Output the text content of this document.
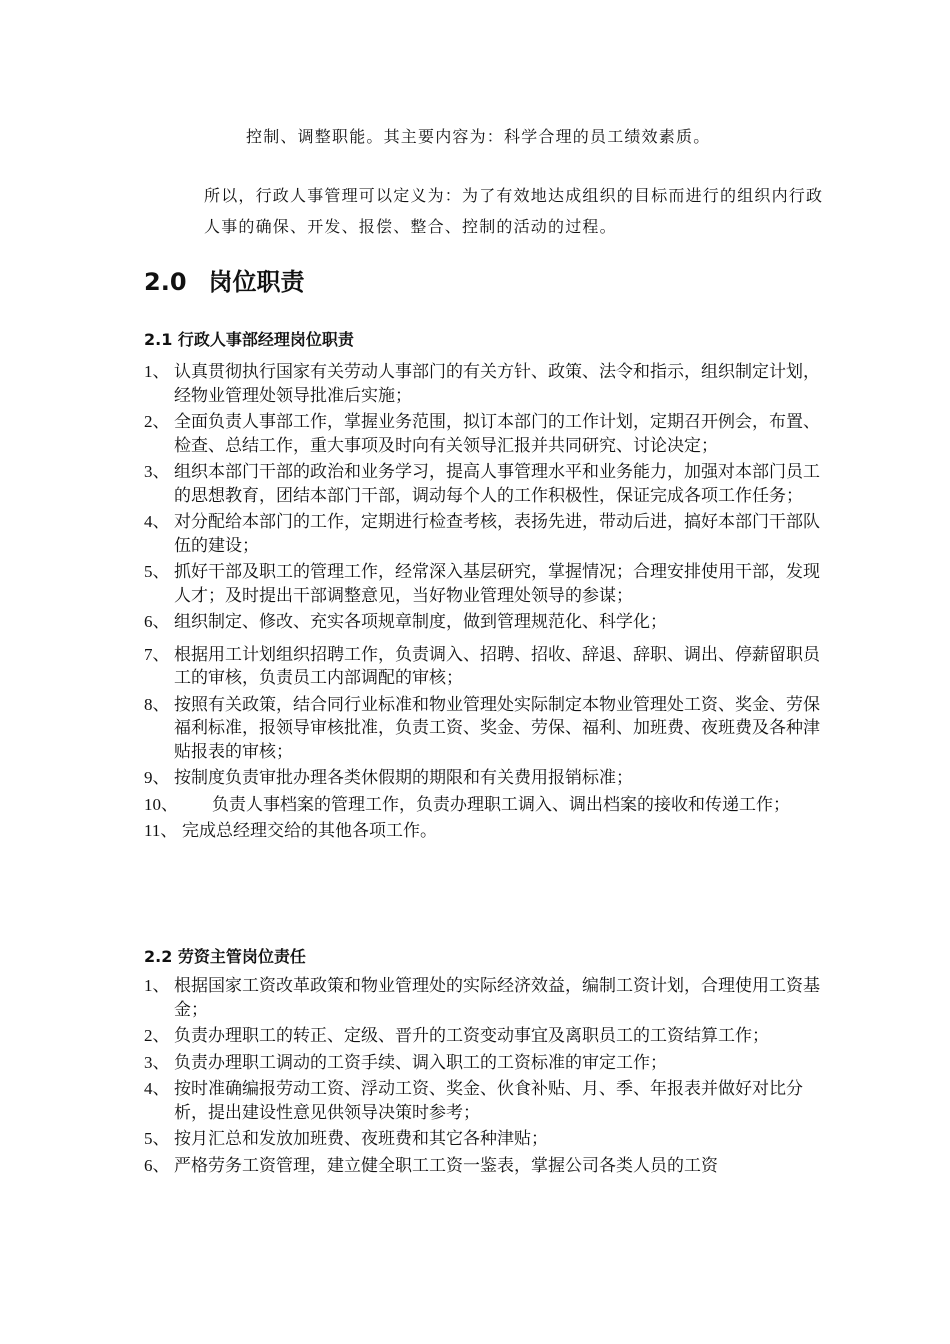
控制、调整职能。其主要内容为：科学合理的员工绩效素质。
所以，行政人事管理可以定义为：为了有效地达成组织的目标而进行的组织内行政人事的确保、开发、报偿、整合、控制的活动的过程。
2.0 岗位职责
2.1 行政人事部经理岗位职责
1、 认真贯彻执行国家有关劳动人事部门的有关方针、政策、法令和指示，组织制定计划，经物业管理处领导批准后实施；
2、 全面负责人事部工作，掌握业务范围，拟订本部门的工作计划，定期召开例会，布置、检查、总结工作，重大事项及时向有关领导汇报并共同研究、讨论决定；
3、 组织本部门干部的政治和业务学习，提高人事管理水平和业务能力，加强对本部门员工的思想教育，团结本部门干部，调动每个人的工作积极性，保证完成各项工作任务；
4、 对分配给本部门的工作，定期进行检查考核，表扬先进，带动后进，搞好本部门干部队伍的建设；
5、 抓好干部及职工的管理工作，经常深入基层研究，掌握情况；合理安排使用干部，发现人才；及时提出干部调整意见，当好物业管理处领导的参谋；
6、 组织制定、修改、充实各项规章制度，做到管理规范化、科学化；
7、 根据用工计划组织招聘工作，负责调入、招聘、招收、辞退、辞职、调出、停薪留职员工的审核，负责员工内部调配的审核；
8、 按照有关政策，结合同行业标准和物业管理处实际制定本物业管理处工资、奖金、劳保福利标准，报领导审核批准，负责工资、奖金、劳保、福利、加班费、夜班费及各种津贴报表的审核；
9、 按制度负责审批办理各类休假期的期限和有关费用报销标准；
10、 负责人事档案的管理工作，负责办理职工调入、调出档案的接收和传递工作；
11、 完成总经理交给的其他各项工作。
2.2 劳资主管岗位责任
1、 根据国家工资改革政策和物业管理处的实际经济效益，编制工资计划，合理使用工资基金；
2、 负责办理职工的转正、定级、晋升的工资变动事宜及离职员工的工资结算工作；
3、 负责办理职工调动的工资手续、调入职工的工资标准的审定工作；
4、 按时准确编报劳动工资、浮动工资、奖金、伙食补贴、月、季、年报表并做好对比分析，提出建设性意见供领导决策时参考；
5、 按月汇总和发放加班费、夜班费和其它各种津贴；
6、 严格劳务工资管理，建立健全职工工资一鉴表，掌握公司各类人员的工资
